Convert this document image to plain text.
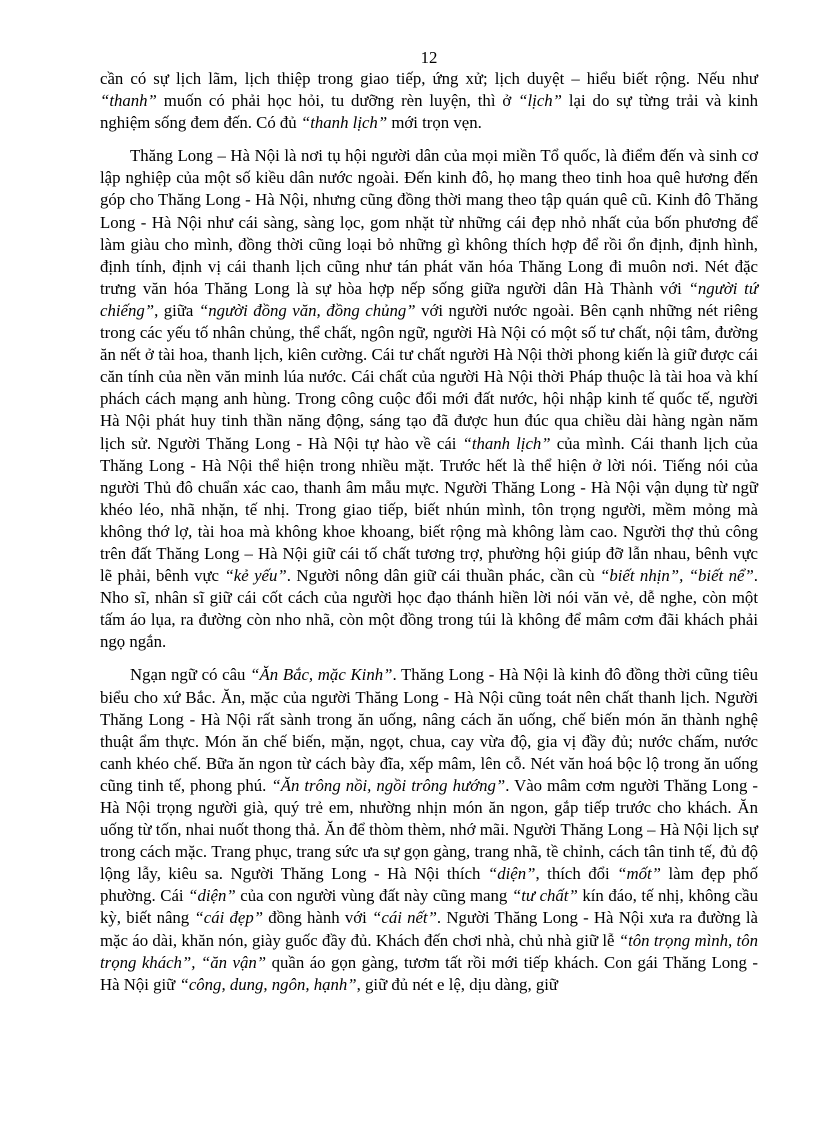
12

cần có sự lịch lãm, lịch thiệp trong giao tiếp, ứng xử; lịch duyệt – hiểu biết rộng. Nếu như “thanh” muốn có phải học hỏi, tu dưỡng rèn luyện, thì ở “lịch” lại do sự từng trải và kinh nghiệm sống đem đến. Có đủ “thanh lịch” mới trọn vẹn.

Thăng Long – Hà Nội là nơi tụ hội người dân của mọi miền Tổ quốc, là điểm đến và sinh cơ lập nghiệp của một số kiều dân nước ngoài. Đến kinh đô, họ mang theo tinh hoa quê hương đến góp cho Thăng Long - Hà Nội, nhưng cũng đồng thời mang theo tập quán quê cũ. Kinh đô Thăng Long - Hà Nội như cái sàng, sàng lọc, gom nhặt từ những cái đẹp nhỏ nhất của bốn phương để làm giàu cho mình, đồng thời cũng loại bỏ những gì không thích hợp để rồi ổn định, định hình, định tính, định vị cái thanh lịch cũng như tán phát văn hóa Thăng Long đi muôn nơi. Nét đặc trưng văn hóa Thăng Long là sự hòa hợp nếp sống giữa người dân Hà Thành với “người tứ chiếng”, giữa “người đồng văn, đồng chủng” với người nước ngoài. Bên cạnh những nét riêng trong các yếu tố nhân chủng, thể chất, ngôn ngữ, người Hà Nội có một số tư chất, nội tâm, đường ăn nết ở tài hoa, thanh lịch, kiên cường. Cái tư chất người Hà Nội thời phong kiến là giữ được cái căn tính của nền văn minh lúa nước. Cái chất của người Hà Nội thời Pháp thuộc là tài hoa và khí phách cách mạng anh hùng. Trong công cuộc đổi mới đất nước, hội nhập kinh tế quốc tế, người Hà Nội phát huy tinh thần năng động, sáng tạo đã được hun đúc qua chiều dài hàng ngàn năm lịch sử. Người Thăng Long - Hà Nội tự hào về cái “thanh lịch” của mình. Cái thanh lịch của Thăng Long - Hà Nội thể hiện trong nhiều mặt. Trước hết là thể hiện ở lời nói. Tiếng nói của người Thủ đô chuẩn xác cao, thanh âm mẫu mực. Người Thăng Long - Hà Nội vận dụng từ ngữ khéo léo, nhã nhặn, tế nhị. Trong giao tiếp, biết nhún mình, tôn trọng người, mềm mỏng mà không thớ lợ, tài hoa mà không khoe khoang, biết rộng mà không làm cao. Người thợ thủ công trên đất Thăng Long – Hà Nội giữ cái tố chất tương trợ, phường hội giúp đỡ lẫn nhau, bênh vực lẽ phải, bênh vực “kẻ yếu”. Người nông dân giữ cái thuần phác, cần cù “biết nhịn”, “biết nể”. Nho sĩ, nhân sĩ giữ cái cốt cách của người học đạo thánh hiền lời nói văn vẻ, dễ nghe, còn một tấm áo lụa, ra đường còn nho nhã, còn một đồng trong túi là không để mâm cơm đãi khách phải ngọ ngắn.

Ngạn ngữ có câu “Ăn Bắc, mặc Kinh”. Thăng Long - Hà Nội là kinh đô đồng thời cũng tiêu biểu cho xứ Bắc. Ăn, mặc của người Thăng Long - Hà Nội cũng toát nên chất thanh lịch. Người Thăng Long - Hà Nội rất sành trong ăn uống, nâng cách ăn uống, chế biến món ăn thành nghệ thuật ẩm thực. Món ăn chế biến, mặn, ngọt, chua, cay vừa độ, gia vị đầy đủ; nước chấm, nước canh khéo chế. Bữa ăn ngon từ cách bày đĩa, xếp mâm, lên cỗ. Nét văn hoá bộc lộ trong ăn uống cũng tinh tế, phong phú. “Ăn trông nồi, ngồi trông hướng”. Vào mâm cơm người Thăng Long - Hà Nội trọng người già, quý trẻ em, nhường nhịn món ăn ngon, gắp tiếp trước cho khách. Ăn uống từ tốn, nhai nuốt thong thả. Ăn để thòm thèm, nhớ mãi. Người Thăng Long – Hà Nội lịch sự trong cách mặc. Trang phục, trang sức ưa sự gọn gàng, trang nhã, tề chỉnh, cách tân tinh tế, đủ độ lộng lẫy, kiêu sa. Người Thăng Long - Hà Nội thích “diện”, thích đổi “mốt” làm đẹp phố phường. Cái “diện” của con người vùng đất này cũng mang “tư chất” kín đáo, tế nhị, không cầu kỳ, biết nâng “cái đẹp” đồng hành với “cái nết”. Người Thăng Long - Hà Nội xưa ra đường là mặc áo dài, khăn nón, giày guốc đầy đủ. Khách đến chơi nhà, chủ nhà giữ lễ “tôn trọng mình, tôn trọng khách”, “ăn vận” quần áo gọn gàng, tươm tất rồi mới tiếp khách. Con gái Thăng Long - Hà Nội giữ “công, dung, ngôn, hạnh”, giữ đủ nét e lệ, dịu dàng, giữ
